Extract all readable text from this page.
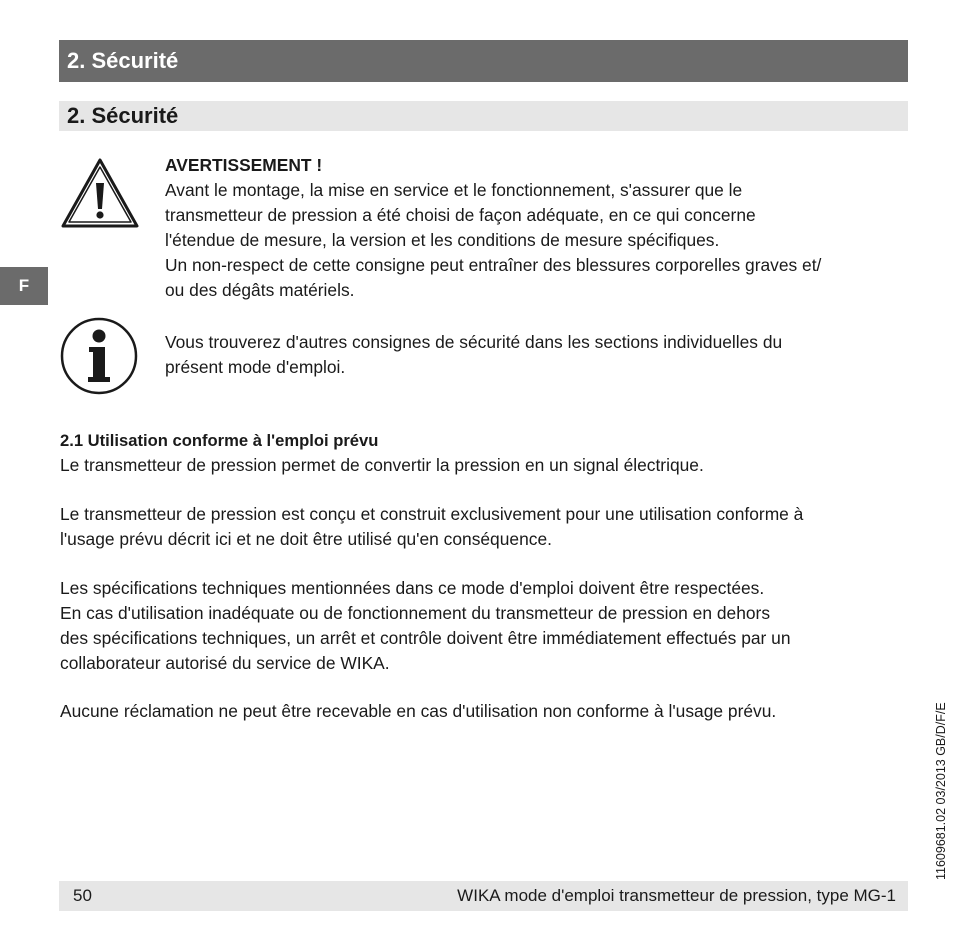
2. Sécurité
2. Sécurité
F
AVERTISSEMENT !
Avant le montage, la mise en service et le fonctionnement, s'assurer que le
transmetteur de pression a été choisi de façon adéquate, en ce qui concerne
l'étendue de mesure, la version et les conditions de mesure spécifiques.
Un non-respect de cette consigne peut entraîner des blessures corporelles graves et/
ou des dégâts matériels.
Vous trouverez d'autres consignes de sécurité dans les sections individuelles du
présent mode d'emploi.
2.1 Utilisation conforme à l'emploi prévu
Le transmetteur de pression permet de convertir la pression en un signal électrique.
Le transmetteur de pression est conçu et construit exclusivement pour une utilisation conforme à
l'usage prévu décrit ici et ne doit être utilisé qu'en conséquence.
Les spécifications techniques mentionnées dans ce mode d'emploi doivent être respectées.
En cas d'utilisation inadéquate ou de fonctionnement du transmetteur de pression en dehors
des spécifications techniques, un arrêt et contrôle doivent être immédiatement effectués par un
collaborateur autorisé du service de WIKA.
Aucune réclamation ne peut être recevable en cas d'utilisation non conforme à l'usage prévu.
50	WIKA mode d'emploi transmetteur de pression, type MG-1
11609681.02 03/2013 GB/D/F/E
